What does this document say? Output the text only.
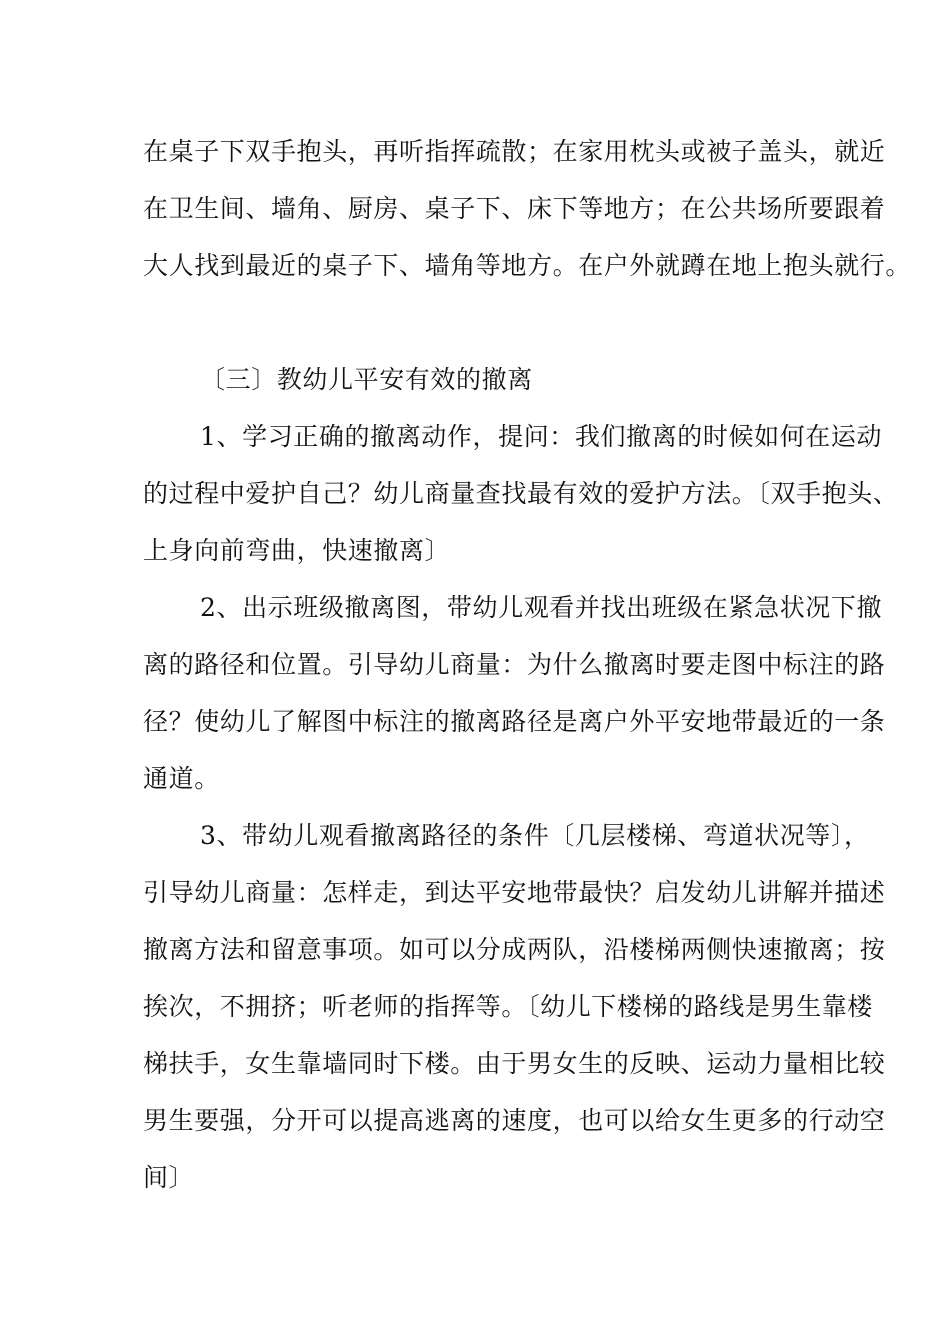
在桌子下双手抱头，再听指挥疏散；在家用枕头或被子盖头，就近
在卫生间、墙角、厨房、桌子下、床下等地方；在公共场所要跟着
大人找到最近的桌子下、墙角等地方。在户外就蹲在地上抱头就行。
〔三〕教幼儿平安有效的撤离
1、学习正确的撤离动作，提问：我们撤离的时候如何在运动
的过程中爱护自己？幼儿商量查找最有效的爱护方法。〔双手抱头、
上身向前弯曲，快速撤离〕
2、出示班级撤离图，带幼儿观看并找出班级在紧急状况下撤
离的路径和位置。引导幼儿商量：为什么撤离时要走图中标注的路
径？使幼儿了解图中标注的撤离路径是离户外平安地带最近的一条
通道。
3、带幼儿观看撤离路径的条件〔几层楼梯、弯道状况等〕，
引导幼儿商量：怎样走，到达平安地带最快？启发幼儿讲解并描述
撤离方法和留意事项。如可以分成两队，沿楼梯两侧快速撤离；按
挨次，不拥挤；听老师的指挥等。〔幼儿下楼梯的路线是男生靠楼
梯扶手，女生靠墙同时下楼。由于男女生的反映、运动力量相比较
男生要强，分开可以提高逃离的速度，也可以给女生更多的行动空
间〕
